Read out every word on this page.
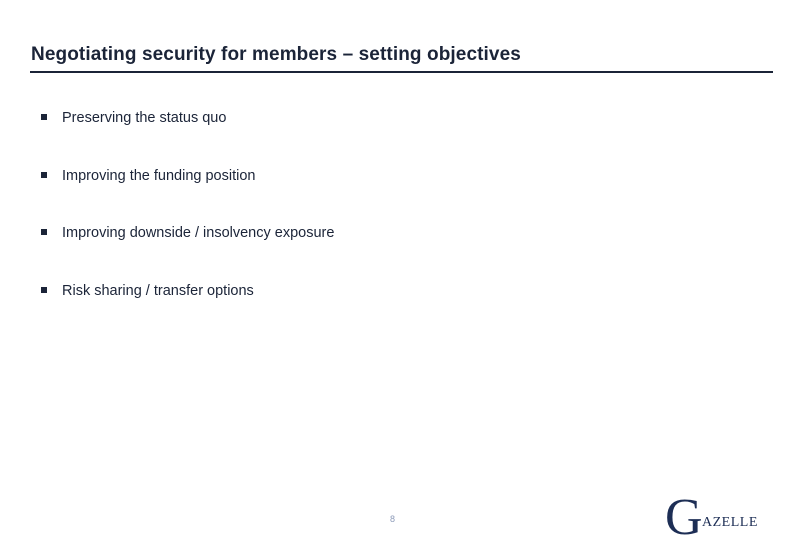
Negotiating security for members – setting objectives
Preserving the status quo
Improving the funding position
Improving downside / insolvency exposure
Risk sharing / transfer options
8	G AZELLE
